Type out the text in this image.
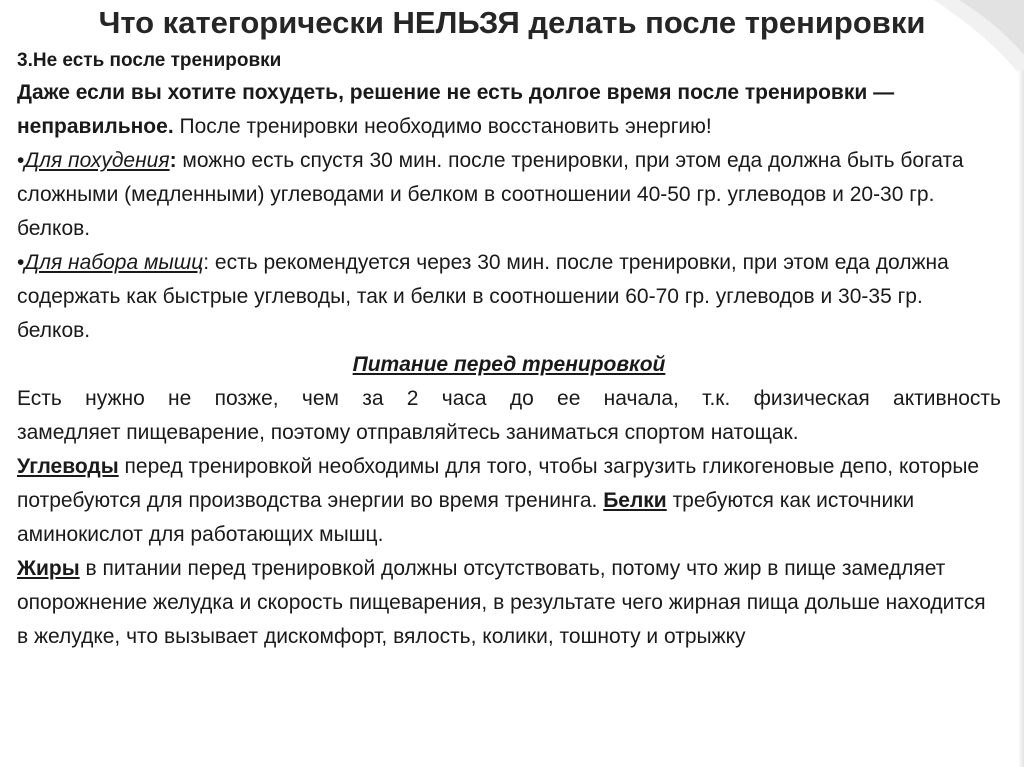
Что категорически НЕЛЬЗЯ делать после тренировки
3.Не есть после тренировки

Даже если вы хотите похудеть, решение не есть долгое время после тренировки — неправильное. После тренировки необходимо восстановить энергию!

•Для похудения: можно есть спустя 30 мин. после тренировки, при этом еда должна быть богата сложными (медленными) углеводами и белком в соотношении 40-50 гр. углеводов и 20-30 гр. белков.

•Для набора мышц: есть рекомендуется через 30 мин. после тренировки, при этом еда должна содержать как быстрые углеводы, так и белки в соотношении 60-70 гр. углеводов и 30-35 гр. белков.

Питание перед тренировкой

Есть нужно не позже, чем за 2 часа до ее начала, т.к. физическая активность

замедляет пищеварение, поэтому отправляйтесь заниматься спортом натощак.

Углеводы перед тренировкой необходимы для того, чтобы загрузить гликогеновые депо, которые потребуются для производства энергии во время тренинга. Белки требуются как источники аминокислот для работающих мышц.

Жиры в питании перед тренировкой должны отсутствовать, потому что жир в пище замедляет опорожнение желудка и скорость пищеварения, в результате чего жирная пища дольше находится в желудке, что вызывает дискомфорт, вялость, колики, тошноту и отрыжку
